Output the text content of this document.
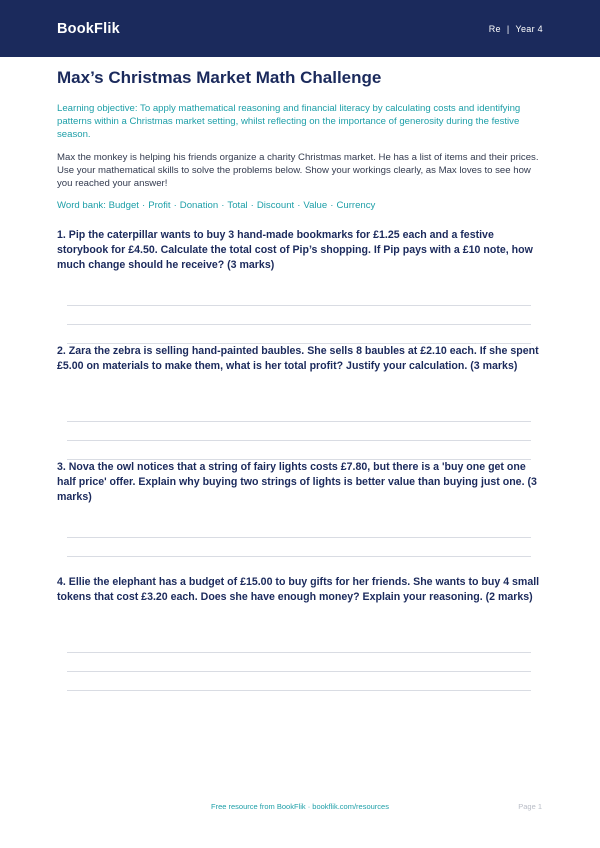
BookFlik	Re | Year 4
Max’s Christmas Market Math Challenge
Learning objective: To apply mathematical reasoning and financial literacy by calculating costs and identifying patterns within a Christmas market setting, whilst reflecting on the importance of generosity during the festive season.
Max the monkey is helping his friends organize a charity Christmas market. He has a list of items and their prices. Use your mathematical skills to solve the problems below. Show your workings clearly, as Max loves to see how you reached your answer!
Word bank: Budget · Profit · Donation · Total · Discount · Value · Currency
1. Pip the caterpillar wants to buy 3 hand-made bookmarks for £1.25 each and a festive storybook for £4.50. Calculate the total cost of Pip’s shopping. If Pip pays with a £10 note, how much change should he receive? (3 marks)
2. Zara the zebra is selling hand-painted baubles. She sells 8 baubles at £2.10 each. If she spent £5.00 on materials to make them, what is her total profit? Justify your calculation. (3 marks)
3. Nova the owl notices that a string of fairy lights costs £7.80, but there is a 'buy one get one half price' offer. Explain why buying two strings of lights is better value than buying just one. (3 marks)
4. Ellie the elephant has a budget of £15.00 to buy gifts for her friends. She wants to buy 4 small tokens that cost £3.20 each. Does she have enough money? Explain your reasoning. (2 marks)
Free resource from BookFlik · bookflik.com/resources	Page 1
